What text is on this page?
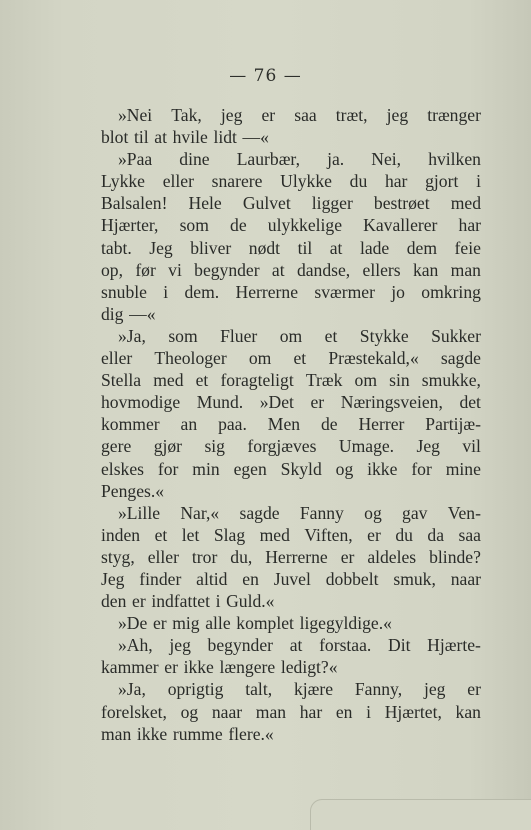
— 76 —
»Nei Tak, jeg er saa træt, jeg trænger
blot til at hvile lidt —«
»Paa dine Laurbær, ja. Nei, hvilken
Lykke eller snarere Ulykke du har gjort i
Balsalen! Hele Gulvet ligger bestrøet med
Hjærter, som de ulykkelige Kavallerer har
tabt. Jeg bliver nødt til at lade dem feie
op, før vi begynder at dandse, ellers kan man
snuble i dem. Herrerne sværmer jo omkring
dig —«
»Ja, som Fluer om et Stykke Sukker
eller Theologer om et Præstekald,« sagde
Stella med et foragteligt Træk om sin smukke,
hovmodige Mund. »Det er Næringsveien, det
kommer an paa. Men de Herrer Partijæ-
gere gjør sig forgjæves Umage. Jeg vil
elskes for min egen Skyld og ikke for mine
Penges.«
»Lille Nar,« sagde Fanny og gav Ven-
inden et let Slag med Viften, er du da saa
styg, eller tror du, Herrerne er aldeles blinde?
Jeg finder altid en Juvel dobbelt smuk, naar
den er indfattet i Guld.«
»De er mig alle komplet ligegyldige.«
»Ah, jeg begynder at forstaa. Dit Hjærte-
kammer er ikke længere ledigt?«
»Ja, oprigtig talt, kjære Fanny, jeg er
forelsket, og naar man har en i Hjærtet, kan
man ikke rumme flere.«
